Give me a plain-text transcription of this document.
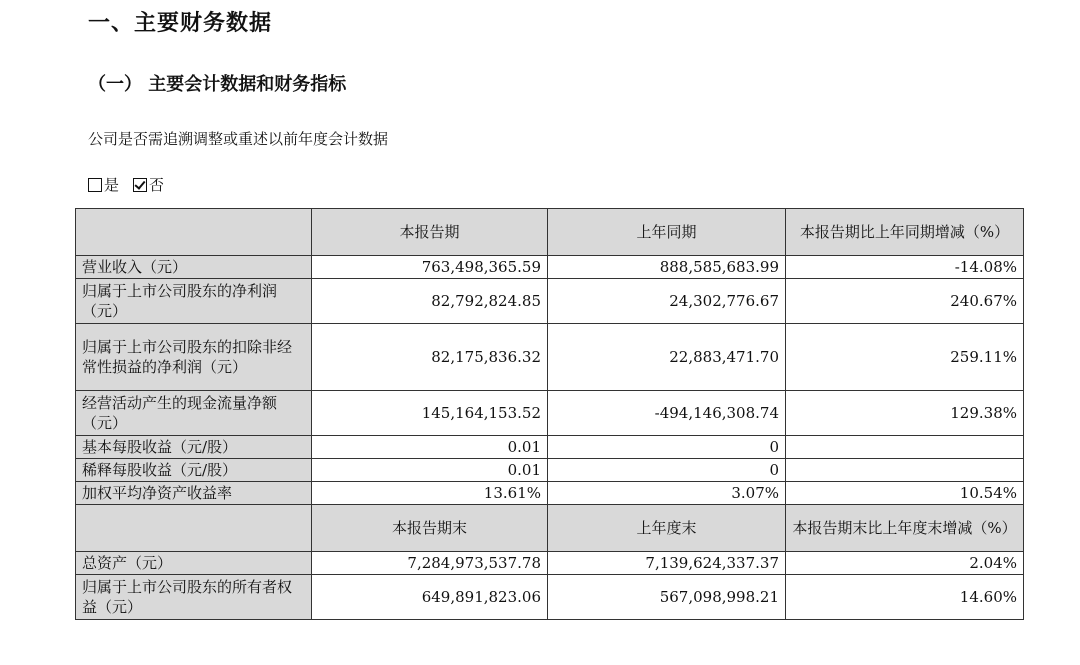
一、主要财务数据
（一） 主要会计数据和财务指标
公司是否需追溯调整或重述以前年度会计数据
是 否
	本报告期	上年同期	本报告期比上年同期增减（%）
营业收入（元）	763,498,365.59	888,585,683.99	-14.08%
归属于上市公司股东的净利润（元）	82,792,824.85	24,302,776.67	240.67%
归属于上市公司股东的扣除非经常性损益的净利润（元）	82,175,836.32	22,883,471.70	259.11%
经营活动产生的现金流量净额（元）	145,164,153.52	-494,146,308.74	129.38%
基本每股收益（元/股）	0.01	0	
稀释每股收益（元/股）	0.01	0	
加权平均净资产收益率	13.61%	3.07%	10.54%
	本报告期末	上年度末	本报告期末比上年度末增减（%）
总资产（元）	7,284,973,537.78	7,139,624,337.37	2.04%
归属于上市公司股东的所有者权益（元）	649,891,823.06	567,098,998.21	14.60%
